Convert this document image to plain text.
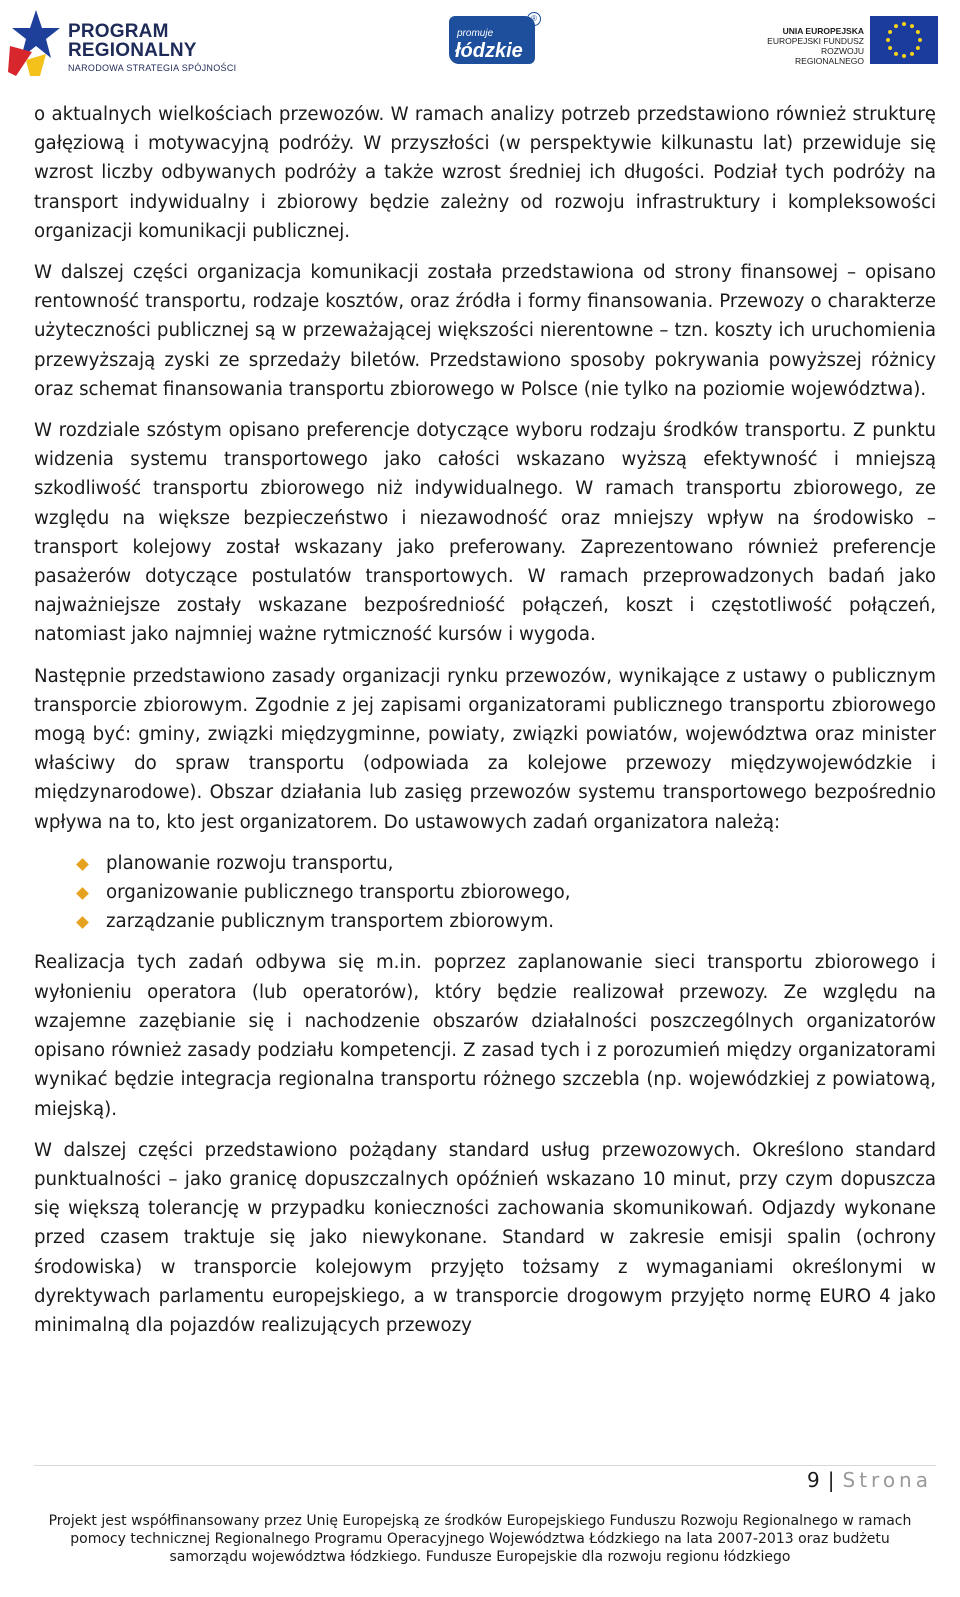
PROGRAM
REGIONALNY
NARODOWA STRATEGIA SPÓJNOŚCI
promuje
łódzkie
®
UNIA EUROPEJSKA
EUROPEJSKI FUNDUSZ
ROZWOJU REGIONALNEGO

o aktualnych wielkościach przewozów. W ramach analizy potrzeb przedstawiono również strukturę gałęziową i motywacyjną podróży. W przyszłości (w perspektywie kilkunastu lat) przewiduje się wzrost liczby odbywanych podróży a także wzrost średniej ich długości. Podział tych podróży na transport indywidualny i zbiorowy będzie zależny od rozwoju infrastruktury i kompleksowości organizacji komunikacji publicznej.

W dalszej części organizacja komunikacji została przedstawiona od strony finansowej – opisano rentowność transportu, rodzaje kosztów, oraz źródła i formy finansowania. Przewozy o charakterze użyteczności publicznej są w przeważającej większości nierentowne – tzn. koszty ich uruchomienia przewyższają zyski ze sprzedaży biletów. Przedstawiono sposoby pokrywania powyższej różnicy oraz schemat finansowania transportu zbiorowego w Polsce (nie tylko na poziomie województwa).

W rozdziale szóstym opisano preferencje dotyczące wyboru rodzaju środków transportu. Z punktu widzenia systemu transportowego jako całości wskazano wyższą efektywność i mniejszą szkodliwość transportu zbiorowego niż indywidualnego. W ramach transportu zbiorowego, ze względu na większe bezpieczeństwo i niezawodność oraz mniejszy wpływ na środowisko – transport kolejowy został wskazany jako preferowany. Zaprezentowano również preferencje pasażerów dotyczące postulatów transportowych. W ramach przeprowadzonych badań jako najważniejsze zostały wskazane bezpośredniość połączeń, koszt i częstotliwość połączeń, natomiast jako najmniej ważne rytmiczność kursów i wygoda.

Następnie przedstawiono zasady organizacji rynku przewozów, wynikające z ustawy o publicznym transporcie zbiorowym. Zgodnie z jej zapisami organizatorami publicznego transportu zbiorowego mogą być: gminy, związki międzygminne, powiaty, związki powiatów, województwa oraz minister właściwy do spraw transportu (odpowiada za kolejowe przewozy międzywojewódzkie i międzynarodowe). Obszar działania lub zasięg przewozów systemu transportowego bezpośrednio wpływa na to, kto jest organizatorem. Do ustawowych zadań organizatora należą:

planowanie rozwoju transportu,
organizowanie publicznego transportu zbiorowego,
zarządzanie publicznym transportem zbiorowym.

Realizacja tych zadań odbywa się m.in. poprzez zaplanowanie sieci transportu zbiorowego i wyłonieniu operatora (lub operatorów), który będzie realizował przewozy. Ze względu na wzajemne zazębianie się i nachodzenie obszarów działalności poszczególnych organizatorów opisano również zasady podziału kompetencji. Z zasad tych i z porozumień między organizatorami wynikać będzie integracja regionalna transportu różnego szczebla (np. wojewódzkiej z powiatową, miejską).

W dalszej części przedstawiono pożądany standard usług przewozowych. Określono standard punktualności – jako granicę dopuszczalnych opóźnień wskazano 10 minut, przy czym dopuszcza się większą tolerancję w przypadku konieczności zachowania skomunikowań. Odjazdy wykonane przed czasem traktuje się jako niewykonane. Standard w zakresie emisji spalin (ochrony środowiska) w transporcie kolejowym przyjęto tożsamy z wymaganiami określonymi w dyrektywach parlamentu europejskiego, a w transporcie drogowym przyjęto normę EURO 4 jako minimalną dla pojazdów realizujących przewozy

9 | Strona
Projekt jest współfinansowany przez Unię Europejską ze środków Europejskiego Funduszu Rozwoju Regionalnego w ramach
pomocy technicznej Regionalnego Programu Operacyjnego Województwa Łódzkiego na lata 2007-2013 oraz budżetu
samorządu województwa łódzkiego. Fundusze Europejskie dla rozwoju regionu łódzkiego
